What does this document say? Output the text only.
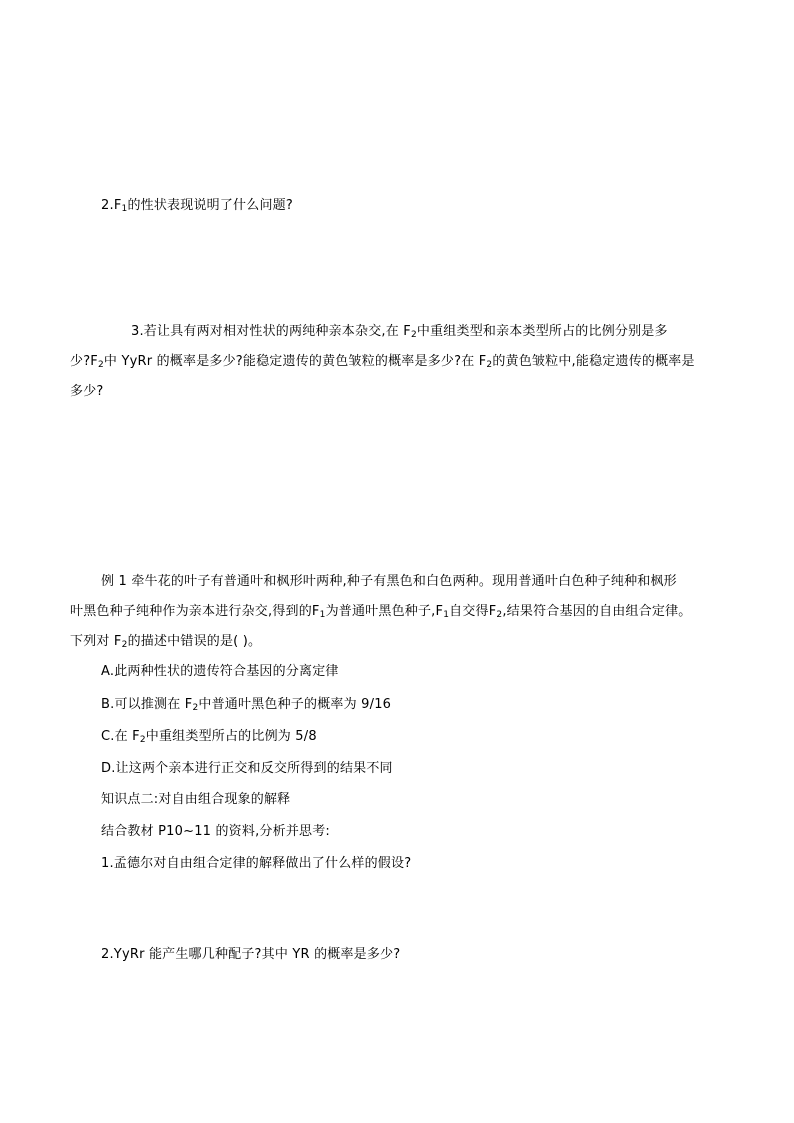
$2.F_1$的性状表现说明了什么问题?
3.若让具有两对相对性状的两纯种亲本杂交,在 $F_2$中重组类型和亲本类型所占的比例分别是多
少$?F_2$中 YyRr 的概率是多少?能稳定遗传的黄色皱粒的概率是多少?在 $F_2$的黄色皱粒中,能稳定遗传的概率是
多少?
例 1 牵牛花的叶子有普通叶和枫形叶两种,种子有黑色和白色两种。现用普通叶白色种子纯种和枫形
叶黑色种子纯种作为亲本进行杂交,得到的$F_1$为普通叶黑色种子$,F_1$自交得$F_2$,结果符合基因的自由组合定律。
下列对 $F_2$的描述中错误的是( )。
A.此两种性状的遗传符合基因的分离定律
B.可以推测在 $F_2$中普通叶黑色种子的概率为 9/16
C.在 $F_2$中重组类型所占的比例为 5/8
D.让这两个亲本进行正交和反交所得到的结果不同
知识点二:对自由组合现象的解释
结合教材 P10~11 的资料,分析并思考:
1.孟德尔对自由组合定律的解释做出了什么样的假设?
2.YyRr 能产生哪几种配子?其中 YR 的概率是多少?
